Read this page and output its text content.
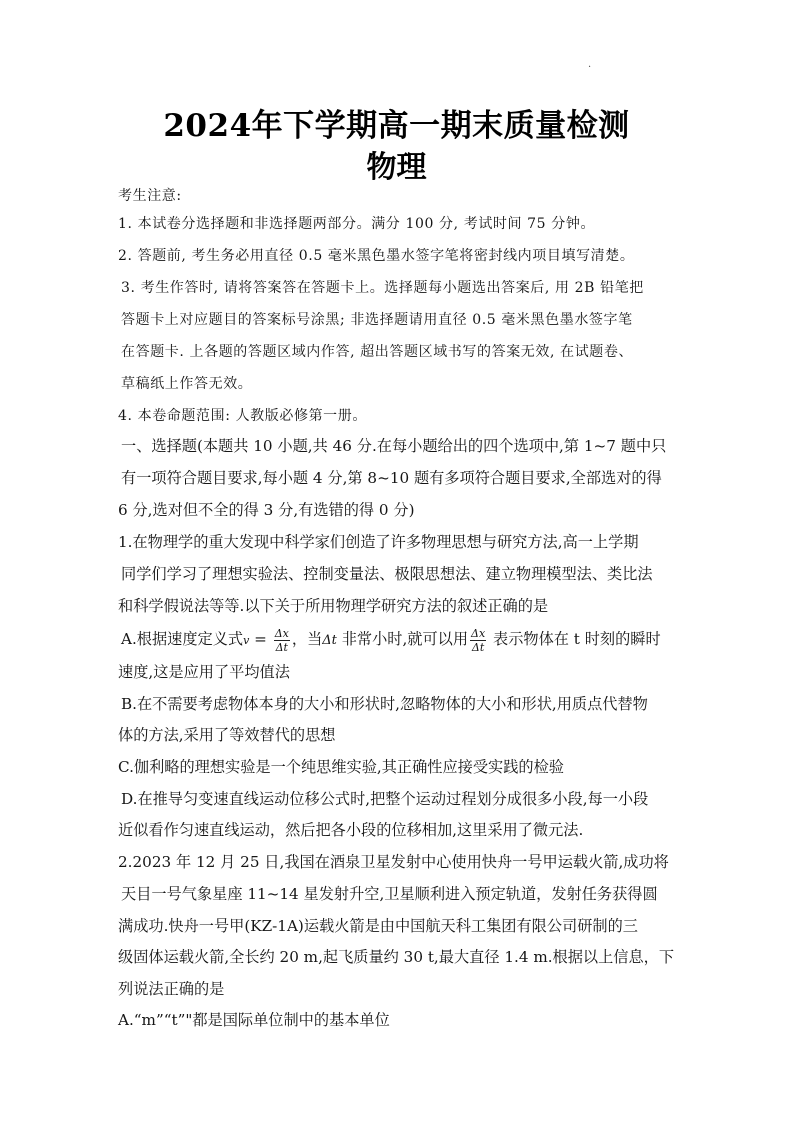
·
2024年下学期高一期末质量检测
物理
考生注意:
1. 本试卷分选择题和非选择题两部分。满分 100 分, 考试时间 75 分钟。
2. 答题前, 考生务必用直径 0.5 毫米黑色墨水签字笔将密封线内项目填写清楚。
3. 考生作答时, 请将答案答在答题卡上。选择题每小题选出答案后, 用 2B 铅笔把
答题卡上对应题目的答案标号涂黑; 非选择题请用直径 0.5 毫米黑色墨水签字笔
在答题卡. 上各题的答题区域内作答, 超出答题区域书写的答案无效, 在试题卷、
草稿纸上作答无效。
4. 本卷命题范围: 人教版必修第一册。
一、选择题(本题共 10 小题,共 46 分.在每小题给出的四个选项中,第 1~7 题中只
有一项符合题目要求,每小题 4 分,第 8~10 题有多项符合题目要求,全部选对的得
6 分,选对但不全的得 3 分,有选错的得 0 分)
1.在物理学的重大发现中科学家们创造了许多物理思想与研究方法,高一上学期
同学们学习了理想实验法、控制变量法、极限思想法、建立物理模型法、类比法
和科学假说法等等.以下关于所用物理学研究方法的叙述正确的是
A.根据速度定义式$v = \frac{\Delta x}{\Delta t}$ ，当Δt 非常小时,就可以用 $\frac{\Delta x}{\Delta t}$ 表示物体在 t 时刻的瞬时
速度,这是应用了平均值法
B.在不需要考虑物体本身的大小和形状时,忽略物体的大小和形状,用质点代替物
体的方法,采用了等效替代的思想
C.伽利略的理想实验是一个纯思维实验,其正确性应接受实践的检验
D.在推导匀变速直线运动位移公式时,把整个运动过程划分成很多小段,每一小段
近似看作匀速直线运动，然后把各小段的位移相加,这里采用了微元法.
2.2023 年 12 月 25 日,我国在酒泉卫星发射中心使用快舟一号甲运载火箭,成功将
天目一号气象星座 11~14 星发射升空,卫星顺利进入预定轨道，发射任务获得圆
满成功.快舟一号甲(KZ-1A)运载火箭是由中国航天科工集团有限公司研制的三
级固体运载火箭,全长约 20 m,起飞质量约 30 t,最大直径 1.4 m.根据以上信息，下
列说法正确的是
A.“m”“t”"都是国际单位制中的基本单位
